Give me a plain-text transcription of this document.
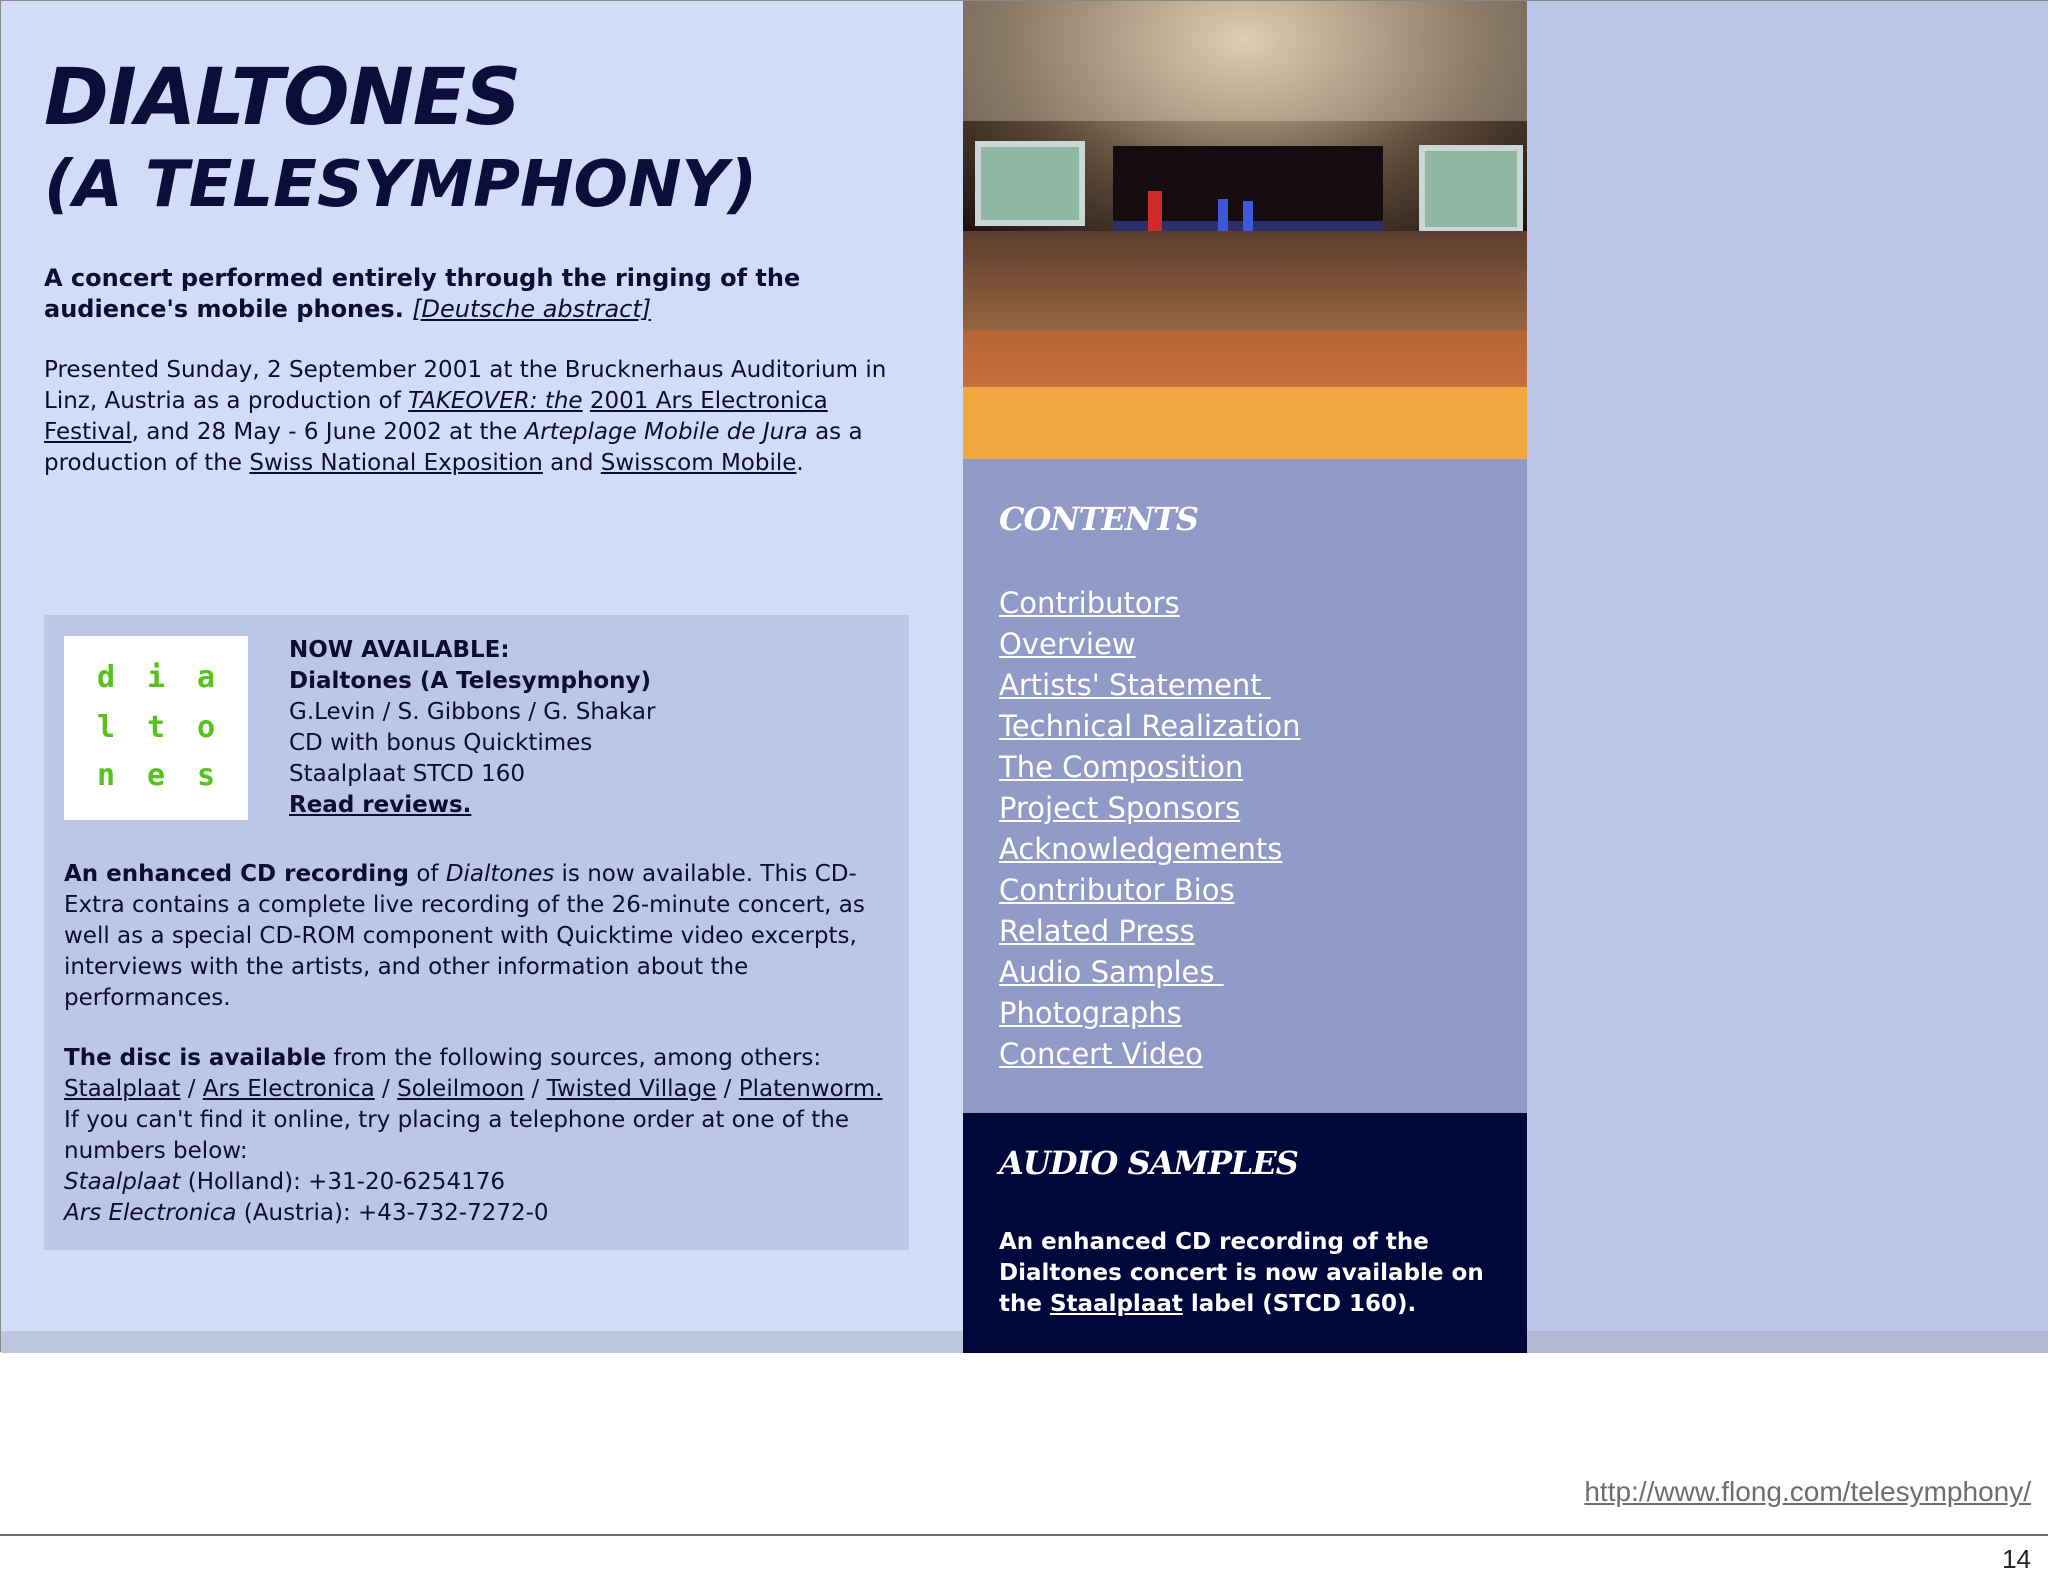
DIALTONES
(A TELESYMPHONY)

A concert performed entirely through the ringing of the audience's mobile phones. [Deutsche abstract]

Presented Sunday, 2 September 2001 at the Brucknerhaus Auditorium in Linz, Austria as a production of TAKEOVER: the 2001 Ars Electronica Festival, and 28 May - 6 June 2002 at the Arteplage Mobile de Jura as a production of the Swiss National Exposition and Swisscom Mobile.

d	i	a
l	t	o
n	e	s
NOW AVAILABLE:
Dialtones (A Telesymphony)
G.Levin / S. Gibbons / G. Shakar
CD with bonus Quicktimes
Staalplaat STCD 160
Read reviews.

An enhanced CD recording of Dialtones is now available. This CD-Extra contains a complete live recording of the 26-minute concert, as well as a special CD-ROM component with Quicktime video excerpts, interviews with the artists, and other information about the performances.

The disc is available from the following sources, among others: Staalplaat / Ars Electronica / Soleilmoon / Twisted Village / Platenworm. If you can't find it online, try placing a telephone order at one of the numbers below:
Staalplaat (Holland): +31-20-6254176
Ars Electronica (Austria): +43-732-7272-0

CONTENTS
Contributors
Overview
Artists' Statement
Technical Realization
The Composition
Project Sponsors
Acknowledgements
Contributor Bios
Related Press
Audio Samples
Photographs
Concert Video
AUDIO SAMPLES

An enhanced CD recording of the Dialtones concert is now available on the Staalplaat label (STCD 160).

http://www.flong.com/telesymphony/
14
